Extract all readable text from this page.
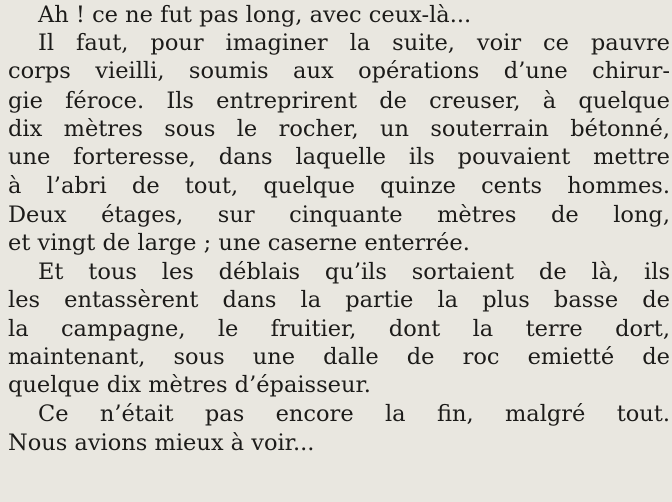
Ah ! ce ne fut pas long, avec ceux-là...
Il faut, pour imaginer la suite, voir ce pauvre
corps vieilli, soumis aux opérations d’une chirur-
gie féroce. Ils entreprirent de creuser, à quelque
dix mètres sous le rocher, un souterrain bétonné,
une forteresse, dans laquelle ils pouvaient mettre
à l’abri de tout, quelque quinze cents hommes.
Deux étages, sur cinquante mètres de long,
et vingt de large ; une caserne enterrée.
Et tous les déblais qu’ils sortaient de là, ils
les entassèrent dans la partie la plus basse de
la campagne, le fruitier, dont la terre dort,
maintenant, sous une dalle de roc emietté de
quelque dix mètres d’épaisseur.
Ce n’était pas encore la fin, malgré tout.
Nous avions mieux à voir...
